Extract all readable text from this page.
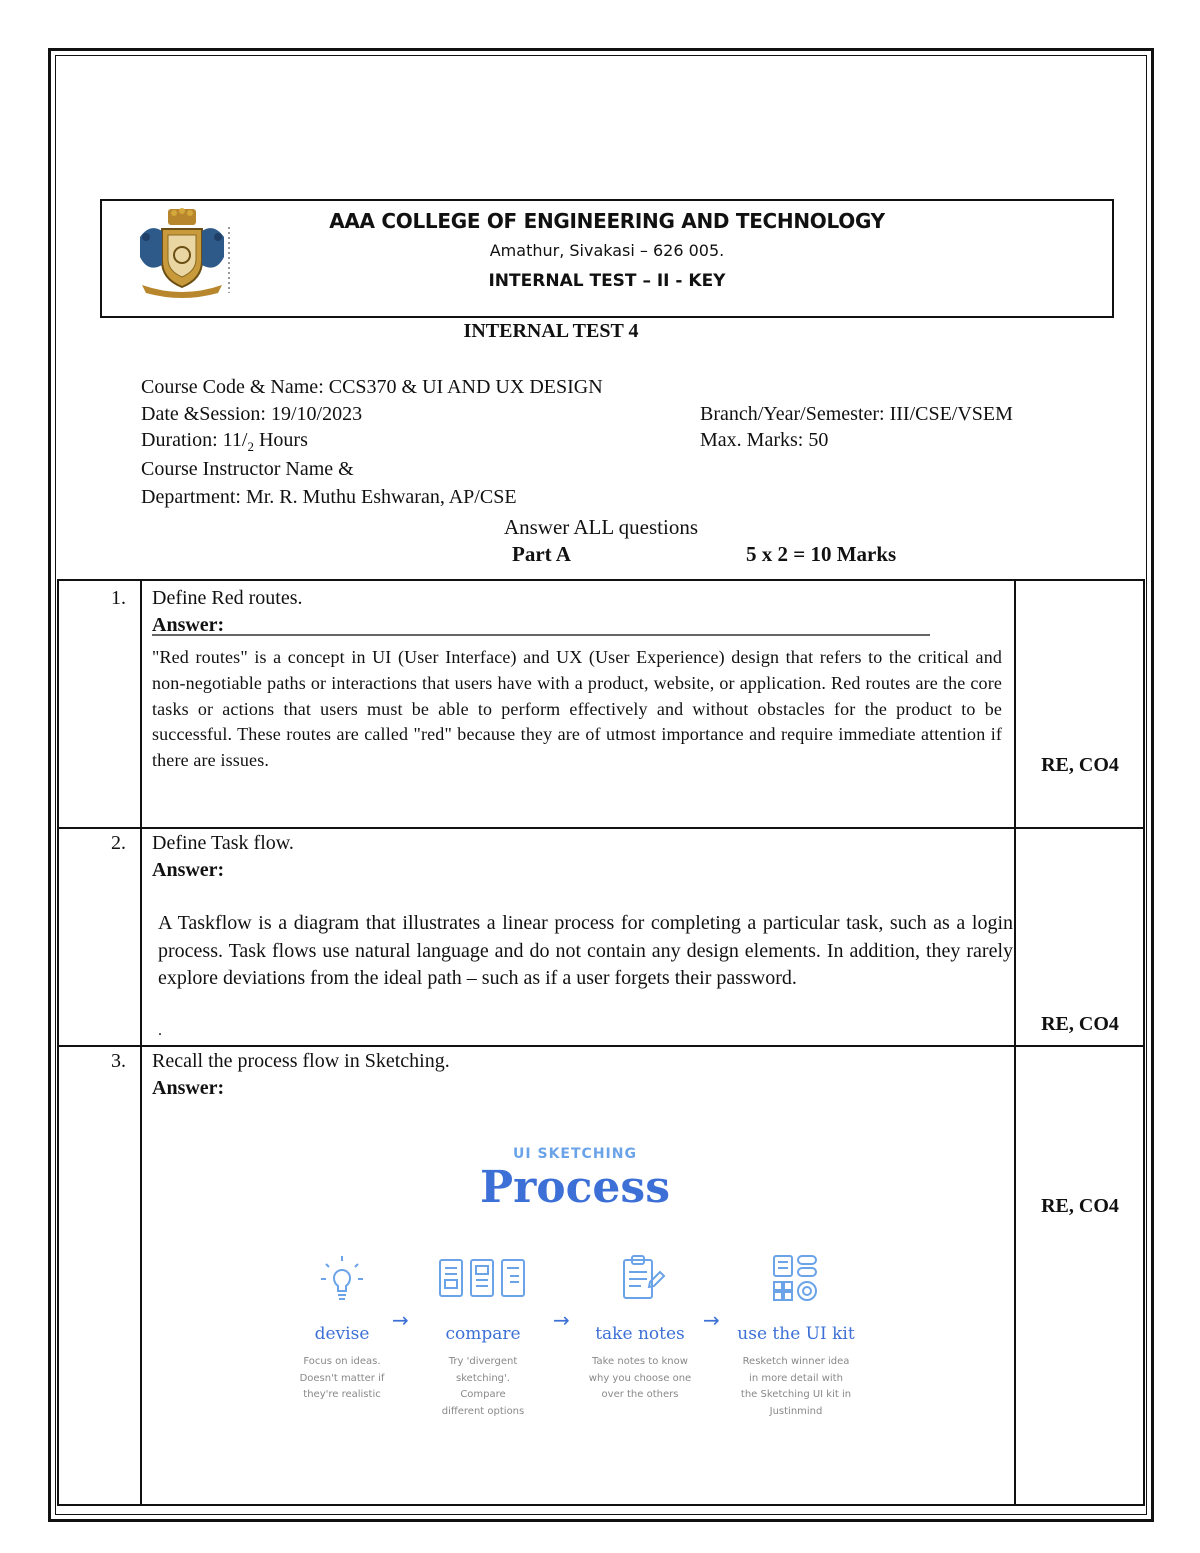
AAA COLLEGE OF ENGINEERING AND TECHNOLOGY
Amathur, Sivakasi – 626 005.
INTERNAL TEST – II - KEY
INTERNAL TEST 4
Course Code & Name: CCS370 & UI AND UX DESIGN
Date &Session: 19/10/2023	Branch/Year/Semester: III/CSE/VSEM
Duration: $11/_2$ Hours	Max. Marks: 50
Course Instructor Name &
Department: Mr. R. Muthu Eshwaran, AP/CSE
Answer ALL questions
Part A	5 x 2 = 10 Marks
1. Define Red routes.
Answer:
"Red routes" is a concept in UI (User Interface) and UX (User Experience) design that refers to the critical and non-negotiable paths or interactions that users have with a product, website, or application. Red routes are the core tasks or actions that users must be able to perform effectively and without obstacles for the product to be successful. These routes are called "red" because they are of utmost importance and require immediate attention if there are issues.	RE, CO4
2. Define Task flow.
Answer:
A Taskflow is a diagram that illustrates a linear process for completing a particular task, such as a login process. Task flows use natural language and do not contain any design elements. In addition, they rarely explore deviations from the ideal path – such as if a user forgets their password.
.	RE, CO4
3. Recall the process flow in Sketching.
Answer:
RE, CO4
UI SKETCHING
Process
devise
Focus on ideas.
Doesn't matter if
they're realistic
→
compare
Try 'divergent
sketching'.
Compare
different options
→
take notes
Take notes to know
why you choose one
over the others
→
use the UI kit
Resketch winner idea
in more detail with
the Sketching UI kit in
Justinmind
